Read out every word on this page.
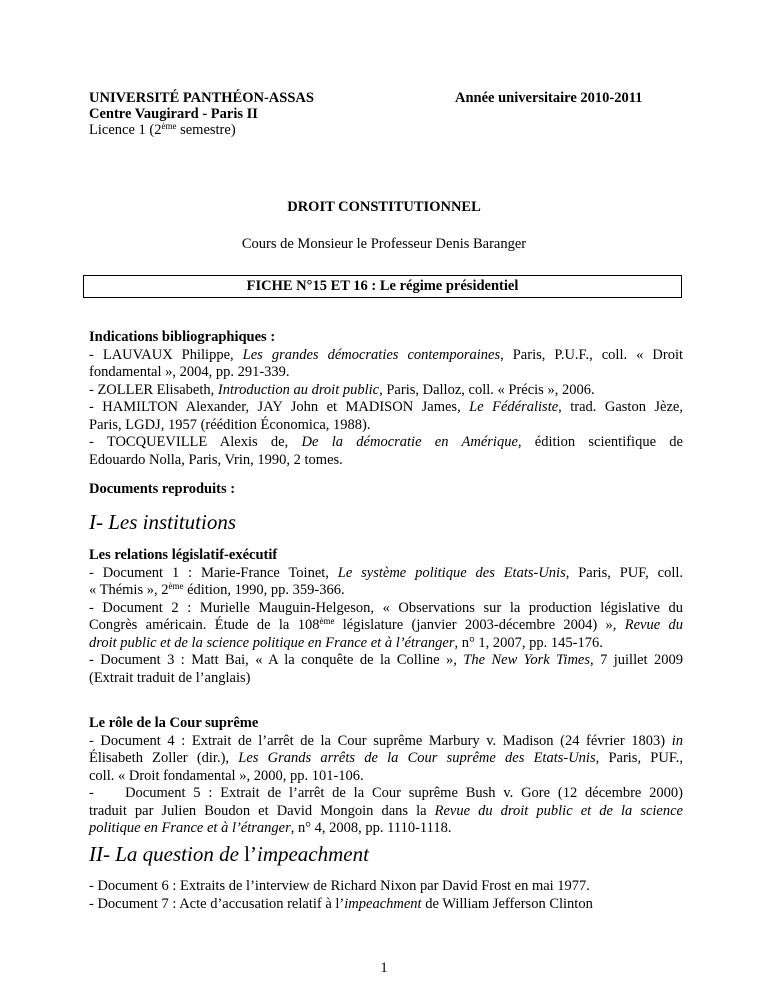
UNIVERSITÉ PANTHÉON-ASSAS
Centre Vaugirard - Paris II
Licence 1 (2ème semestre)
Année universitaire 2010-2011
DROIT CONSTITUTIONNEL
Cours de Monsieur le Professeur Denis Baranger
FICHE N°15 ET 16 : Le régime présidentiel
Indications bibliographiques :
- LAUVAUX Philippe, Les grandes démocraties contemporaines, Paris, P.U.F., coll. « Droit
fondamental », 2004, pp. 291-339.
- ZOLLER Elisabeth, Introduction au droit public, Paris, Dalloz, coll. « Précis », 2006.
- HAMILTON Alexander, JAY John et MADISON James, Le Fédéraliste, trad. Gaston Jèze,
Paris, LGDJ, 1957 (réédition Économica, 1988).
- TOCQUEVILLE Alexis de, De la démocratie en Amérique, édition scientifique de
Edouardo Nolla, Paris, Vrin, 1990, 2 tomes.
Documents reproduits :
I- Les institutions
Les relations législatif-exécutif
- Document 1 : Marie-France Toinet, Le système politique des Etats-Unis, Paris, PUF, coll.
« Thémis », 2ème édition, 1990, pp. 359-366.
- Document 2 : Murielle Mauguin-Helgeson, « Observations sur la production législative du
Congrès américain. Étude de la 108ème législature (janvier 2003-décembre 2004) », Revue du
droit public et de la science politique en France et à l’étranger, n° 1, 2007, pp. 145-176.
- Document 3 : Matt Bai, « A la conquête de la Colline », The New York Times, 7 juillet 2009
(Extrait traduit de l’anglais)
Le rôle de la Cour suprême
- Document 4 : Extrait de l’arrêt de la Cour suprême Marbury v. Madison (24 février 1803) in
Élisabeth Zoller (dir.), Les Grands arrêts de la Cour suprême des Etats-Unis, Paris, PUF.,
coll. « Droit fondamental », 2000, pp. 101-106.
-    Document 5 : Extrait de l’arrêt de la Cour suprême Bush v. Gore (12 décembre 2000)
traduit par Julien Boudon et David Mongoin dans la Revue du droit public et de la science
politique en France et à l’étranger, n° 4, 2008, pp. 1110-1118.
II- La question de l’impeachment
- Document 6 : Extraits de l’interview de Richard Nixon par David Frost en mai 1977.
- Document 7 : Acte d’accusation relatif à l’impeachment de William Jefferson Clinton
1
